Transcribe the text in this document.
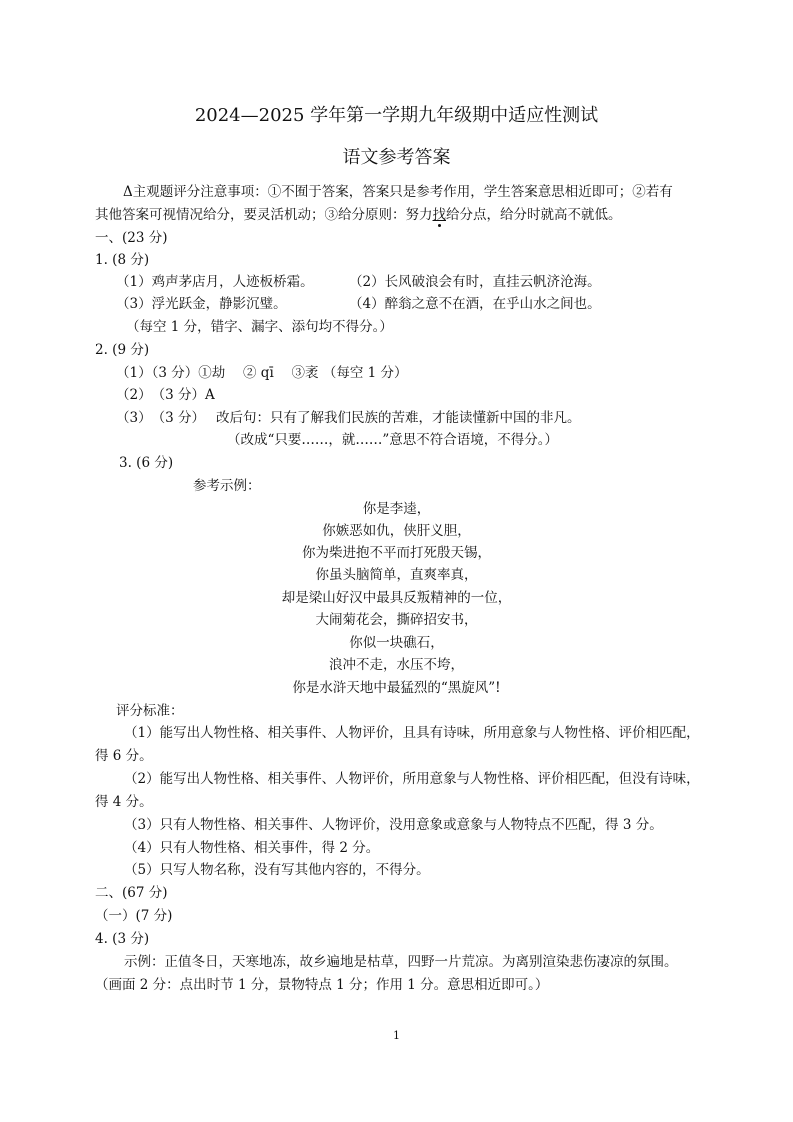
2024—2025 学年第一学期九年级期中适应性测试
语文参考答案
Δ主观题评分注意事项：①不囿于答案，答案只是参考作用，学生答案意思相近即可；②若有
其他答案可视情况给分，要灵活机动；③给分原则：努力找给分点，给分时就高不就低。
一、(23 分)
1. (8 分)
（1）鸡声茅店月，人迹板桥霜。	（2）长风破浪会有时，直挂云帆济沧海。
（3）浮光跃金，静影沉璧。	（4）醉翁之意不在酒，在乎山水之间也。
（每空 1 分，错字、漏字、添句均不得分。）
2. (9 分)
（1）（3 分）①劫　 ② qī　 ③袤 （每空 1 分）
（2）　（3 分）A
（3）　（3 分）　 改后句：只有了解我们民族的苦难，才能读懂新中国的非凡。
（改成“只要……，就……”意思不符合语境，不得分。）
3. (6 分)
参考示例：
你是李逵，
你嫉恶如仇，侠肝义胆，
你为柴进抱不平而打死殷天锡，
你虽头脑简单，直爽率真，
却是梁山好汉中最具反叛精神的一位，
大闹菊花会，撕碎招安书，
你似一块礁石，
浪冲不走，水压不垮，
你是水浒天地中最猛烈的“黑旋风”!
评分标准：
（1）能写出人物性格、相关事件、人物评价，且具有诗味，所用意象与人物性格、评价相匹配，
得 6 分。
（2）能写出人物性格、相关事件、人物评价，所用意象与人物性格、评价相匹配，但没有诗味，
得 4 分。
（3）只有人物性格、相关事件、人物评价，没用意象或意象与人物特点不匹配，得 3 分。
（4）只有人物性格、相关事件，得 2 分。
（5）只写人物名称，没有写其他内容的，不得分。
二、(67 分)
（一）(7 分)
4. (3 分)
示例：正值冬日，天寒地冻，故乡遍地是枯草，四野一片荒凉。为离别渲染悲伤凄凉的氛围。
（画面 2 分：点出时节 1 分，景物特点 1 分；作用 1 分。意思相近即可。）
1
